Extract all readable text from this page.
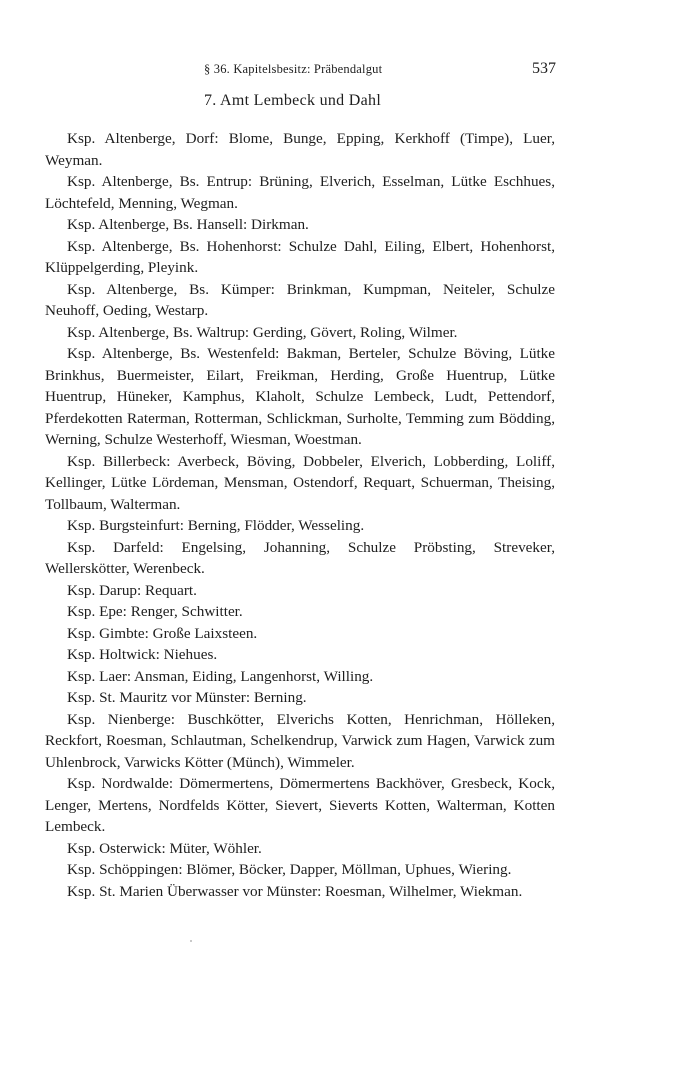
§ 36. Kapitelsbesitz: Präbendalgut	537
7. Amt Lembeck und Dahl

Ksp. Altenberge, Dorf: Blome, Bunge, Epping, Kerkhoff (Timpe), Luer, Weyman.

Ksp. Altenberge, Bs. Entrup: Brüning, Elverich, Esselman, Lütke Eschhues, Löchtefeld, Menning, Wegman.

Ksp. Altenberge, Bs. Hansell: Dirkman.

Ksp. Altenberge, Bs. Hohenhorst: Schulze Dahl, Eiling, Elbert, Hohenhorst, Klüppelgerding, Pleyink.

Ksp. Altenberge, Bs. Kümper: Brinkman, Kumpman, Neiteler, Schulze Neuhoff, Oeding, Westarp.

Ksp. Altenberge, Bs. Waltrup: Gerding, Gövert, Roling, Wilmer.

Ksp. Altenberge, Bs. Westenfeld: Bakman, Berteler, Schulze Böving, Lütke Brinkhus, Buermeister, Eilart, Freikman, Herding, Große Huentrup, Lütke Huentrup, Hüneker, Kamphus, Klaholt, Schulze Lembeck, Ludt, Pettendorf, Pferdekotten Raterman, Rotterman, Schlickman, Surholte, Temming zum Bödding, Werning, Schulze Westerhoff, Wiesman, Woestman.

Ksp. Billerbeck: Averbeck, Böving, Dobbeler, Elverich, Lobberding, Loliff, Kellinger, Lütke Lördeman, Mensman, Ostendorf, Requart, Schuerman, Theising, Tollbaum, Walterman.

Ksp. Burgsteinfurt: Berning, Flödder, Wesseling.

Ksp. Darfeld: Engelsing, Johanning, Schulze Pröbsting, Streveker, Wellerskötter, Werenbeck.

Ksp. Darup: Requart.

Ksp. Epe: Renger, Schwitter.

Ksp. Gimbte: Große Laixsteen.

Ksp. Holtwick: Niehues.

Ksp. Laer: Ansman, Eiding, Langenhorst, Willing.

Ksp. St. Mauritz vor Münster: Berning.

Ksp. Nienberge: Buschkötter, Elverichs Kotten, Henrichman, Hölleken, Reckfort, Roesman, Schlautman, Schelkendrup, Varwick zum Hagen, Varwick zum Uhlenbrock, Varwicks Kötter (Münch), Wimmeler.

Ksp. Nordwalde: Dömermertens, Dömermertens Backhöver, Gresbeck, Kock, Lenger, Mertens, Nordfelds Kötter, Sievert, Sieverts Kotten, Walterman, Kotten Lembeck.

Ksp. Osterwick: Müter, Wöhler.

Ksp. Schöppingen: Blömer, Böcker, Dapper, Möllman, Uphues, Wiering.

Ksp. St. Marien Überwasser vor Münster: Roesman, Wilhelmer, Wiekman.
